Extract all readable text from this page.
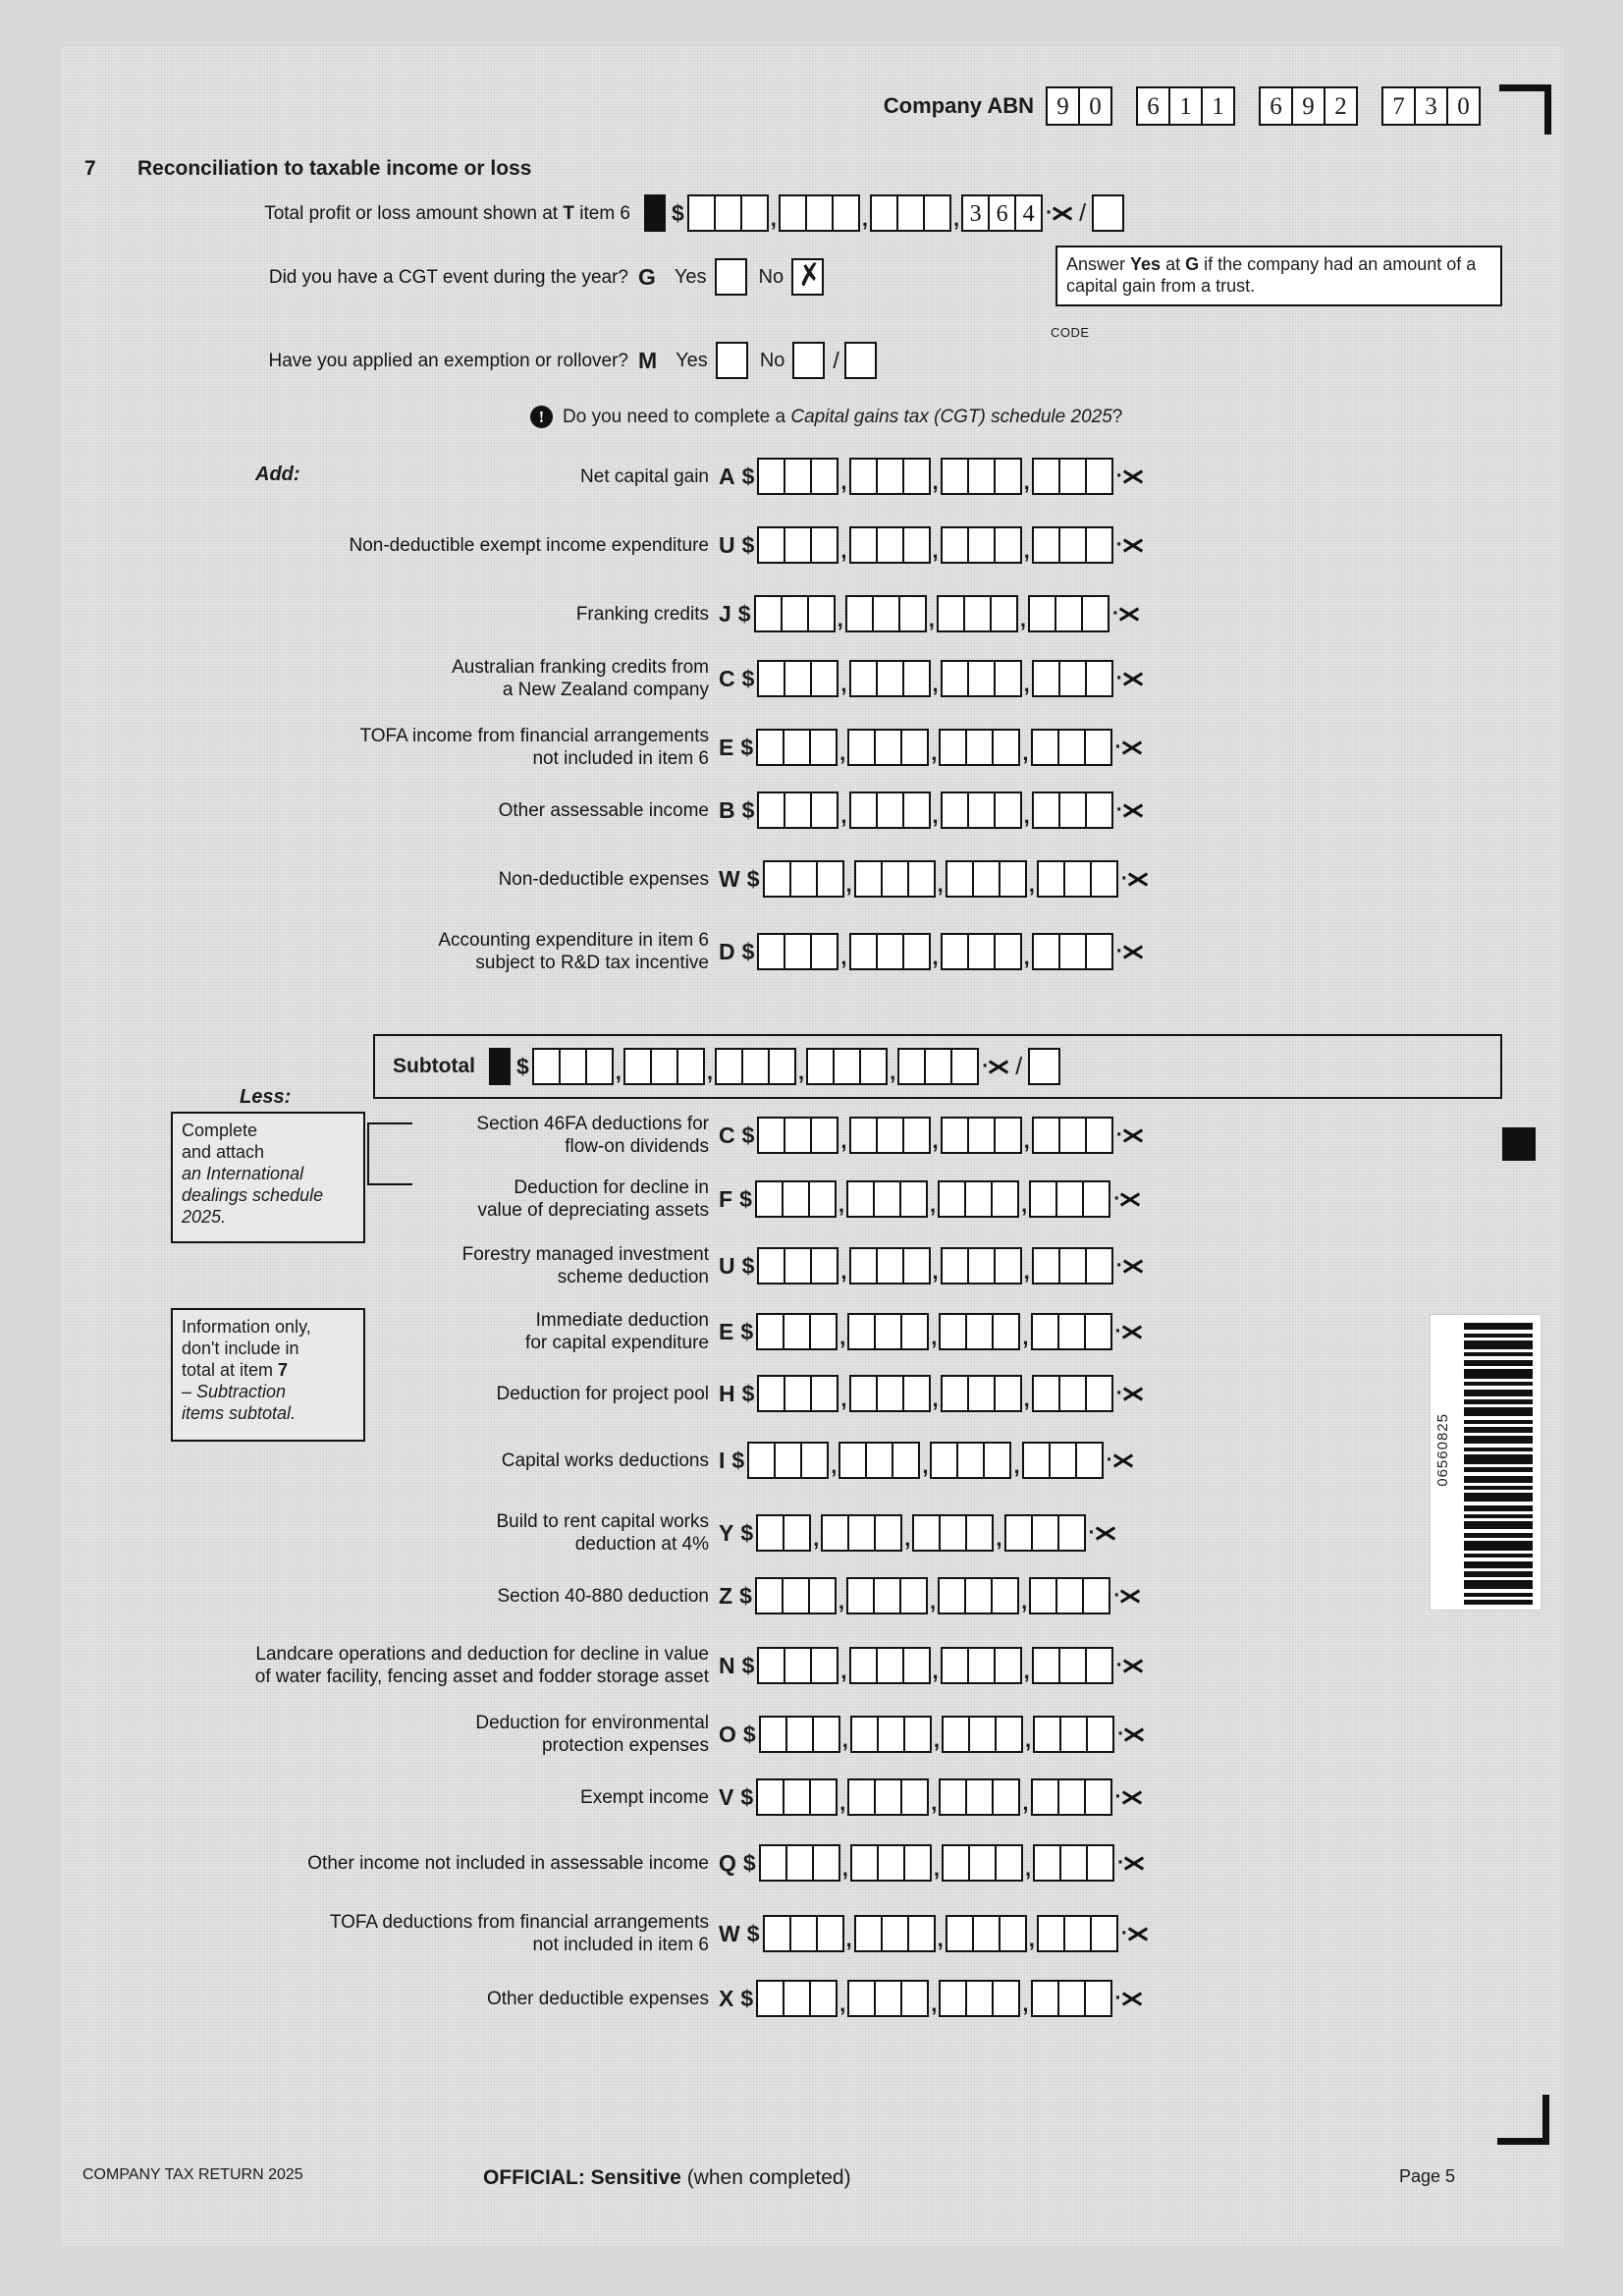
Company ABN 9 0	6 1 1	6 9 2	7 3 0
7 Reconciliation to taxable income or loss
Total profit or loss amount shown at T item 6 $	,	,	, 3 6 4 ·	/
Did you have a CGT event during the year? G Yes	No ✗	Answer Yes at G if the company had an amount of a capital gain from a trust.
Have you applied an exemption or rollover? M Yes	No /
CODE
! Do you need to complete a Capital gains tax (CGT) schedule 2025?
Add:	Net capital gain A $	,	,	,	·
Non-deductible exempt income expenditure U $	,	,	,	·
Franking credits J $	,	,	,	·
Australian franking credits from
a New Zealand company C $	,	,	,	·
TOFA income from financial arrangements
not included in item 6 E $	,	,	,	·
Other assessable income B $	,	,	,	·
Non-deductible expenses W $	,	,	,	·
Accounting expenditure in item 6
subject to R&D tax incentive D $	,	,	,	·
Subtotal $	,	,	,	,	·	/
Less:
Complete
and attach
an International
dealings schedule
2025.
Information only,
don't include in
total at item 7
– Subtraction
items subtotal.
Section 46FA deductions for
flow-on dividends C $	,	,	,	·
Deduction for decline in
value of depreciating assets F $	,	,	,	·
Forestry managed investment
scheme deduction U $	,	,	,	·
Immediate deduction
for capital expenditure E $	,	,	,	·
Deduction for project pool H $	,	,	,	·
Capital works deductions I $	,	,	,	·
Build to rent capital works
deduction at 4% Y $	,	,	,	·
Section 40-880 deduction Z $	,	,	,	·
Landcare operations and deduction for decline in value
of water facility, fencing asset and fodder storage asset N $	,	,	,	·
Deduction for environmental
protection expenses O $	,	,	,	·
Exempt income V $	,	,	,	·
Other income not included in assessable income Q $	,	,	,	·
TOFA deductions from financial arrangements
not included in item 6 W $	,	,	,	·
Other deductible expenses X $	,	,	,	·
06560825
COMPANY TAX RETURN 2025	OFFICIAL: Sensitive (when completed)	Page 5
